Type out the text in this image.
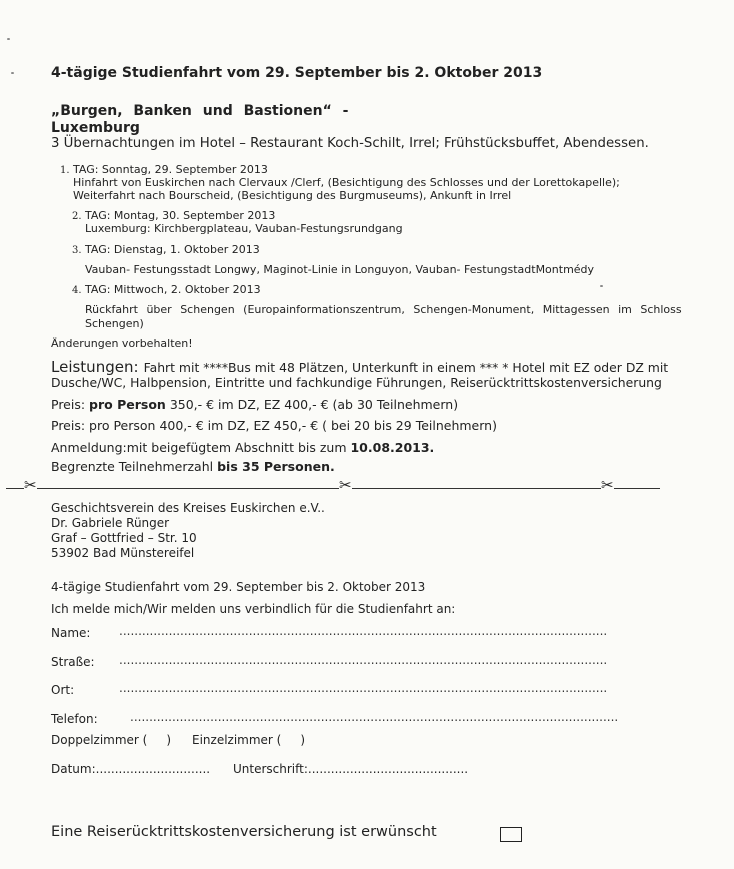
4-tägige Studienfahrt vom 29. September bis 2. Oktober 2013
„Burgen, Banken und Bastionen“ -
Luxemburg
3 Übernachtungen im Hotel – Restaurant Koch-Schilt, Irrel; Frühstücksbuffet, Abendessen.
1. TAG: Sonntag, 29. September 2013
Hinfahrt von Euskirchen nach Clervaux /Clerf, (Besichtigung des Schlosses und der Lorettokapelle);
Weiterfahrt nach Bourscheid, (Besichtigung des Burgmuseums), Ankunft in Irrel
2. TAG: Montag, 30. September 2013
Luxemburg: Kirchbergplateau, Vauban-Festungsrundgang
3. TAG: Dienstag, 1. Oktober 2013
Vauban- Festungsstadt Longwy, Maginot-Linie in Longuyon, Vauban- FestungstadtMontmédy
4. TAG: Mittwoch, 2. Oktober 2013
Rückfahrt über Schengen (Europainformationszentrum, Schengen-Monument, Mittagessen im Schloss
Schengen)
Änderungen vorbehalten!
Leistungen: Fahrt mit ****Bus mit 48 Plätzen, Unterkunft in einem *** * Hotel mit EZ oder DZ mit
Dusche/WC, Halbpension, Eintritte und fachkundige Führungen, Reiserücktrittskostenversicherung
Preis: pro Person 350,- € im DZ, EZ 400,- € (ab 30 Teilnehmern)
Preis: pro Person 400,- € im DZ, EZ 450,- € ( bei 20 bis 29 Teilnehmern)
Anmeldung:mit beigefügtem Abschnitt bis zum 10.08.2013.
Begrenzte Teilnehmerzahl bis 35 Personen.
✂	✂	✂
Geschichtsverein des Kreises Euskirchen e.V..
Dr. Gabriele Rünger
Graf – Gottfried – Str. 10
53902 Bad Münstereifel
4-tägige Studienfahrt vom 29. September bis 2. Oktober 2013
Ich melde mich/Wir melden uns verbindlich für die Studienfahrt an:
Name: ................................................................................................................................
Straße: ................................................................................................................................
Ort:	................................................................................................................................
Telefon:	................................................................................................................................
Doppelzimmer (     ) Einzelzimmer (     )
Datum:.............................. Unterschrift:..........................................
Eine Reiserücktrittskostenversicherung ist erwünscht
